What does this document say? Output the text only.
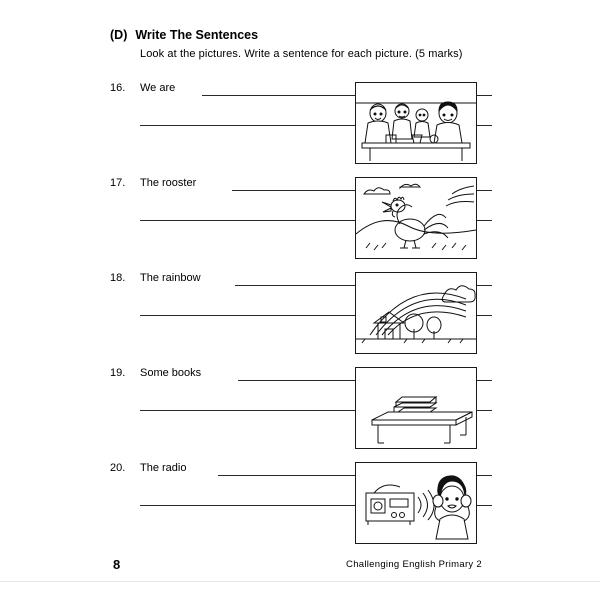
(D) Write The Sentences
Look at the pictures. Write a sentence for each picture. (5 marks)
16. We are
17. The rooster
18. The rainbow
19. Some books
20. The radio
8	Challenging English Primary 2
